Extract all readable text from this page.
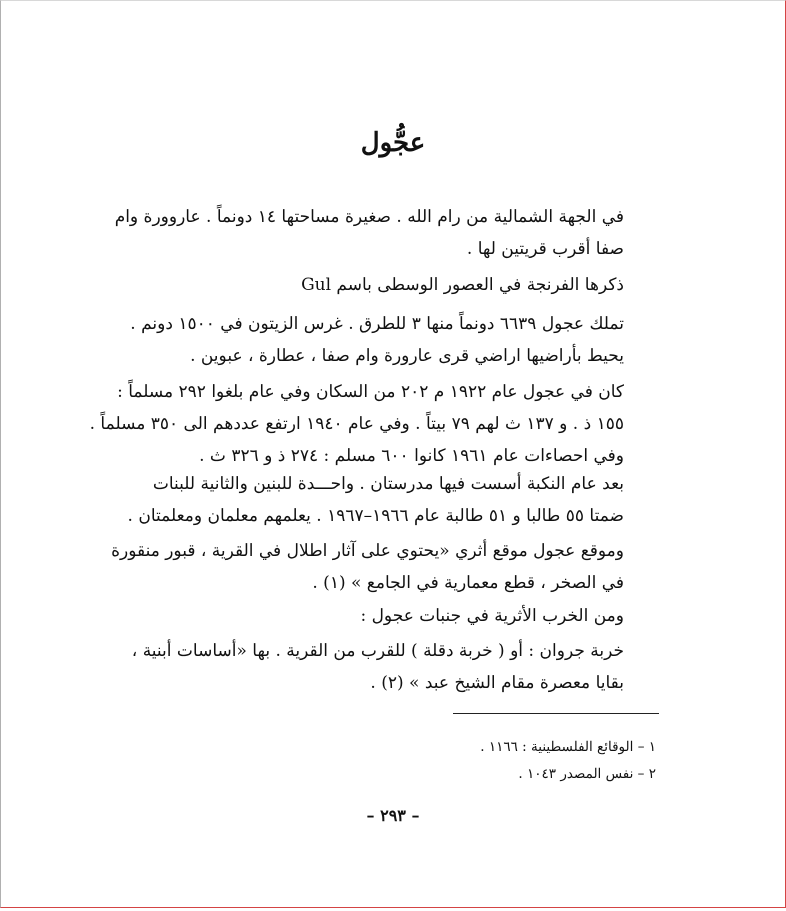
عجُّول
في الجهة الشمالية من رام الله . صغيرة مساحتها ١٤ دونماً . عاروورة وام
صفا أقرب قريتين لها .
ذكرها الفرنجة في العصور الوسطى باسم Gul
تملك عجول ٦٦٣٩ دونماً منها ٣ للطرق . غرس الزيتون في ١٥٠٠ دونم .
يحيط بأراضيها اراضي قرى عارورة وام صفا ، عطارة ، عبوين .
كان في عجول عام ١٩٢٢ م ٢٠٢ من السكان وفي عام بلغوا ٢٩٢ مسلماً :
١٥٥ ذ . و ١٣٧ ث لهم ٧٩ بيتاً . وفي عام ١٩٤٠ ارتفع عددهم الى ٣٥٠ مسلماً .
وفي احصاءات عام ١٩٦١ كانوا ٦٠٠ مسلم : ٢٧٤ ذ و ٣٢٦ ث .
بعد عام النكبة أسست فيها مدرستان . واحـــدة للبنين والثانية للبنات
ضمتا ٥٥ طالبا و ٥١ طالبة عام ١٩٦٦–١٩٦٧ . يعلمهم معلمان ومعلمتان .
وموقع عجول موقع أثري «يحتوي على آثار اطلال في القرية ، قبور منقورة
في الصخر ، قطع معمارية في الجامع » (١) .
ومن الخرب الأثرية في جنبات عجول :
خربة جروان : أو ( خربة دقلة ) للقرب من القرية . بها «أساسات أبنية ،
بقايا معصرة مقام الشيخ عبد » (٢) .
١ – الوقائع الفلسطينية : ١١٦٦ .
٢ – نفس المصدر ١٠٤٣ .
– ٢٩٣ –
